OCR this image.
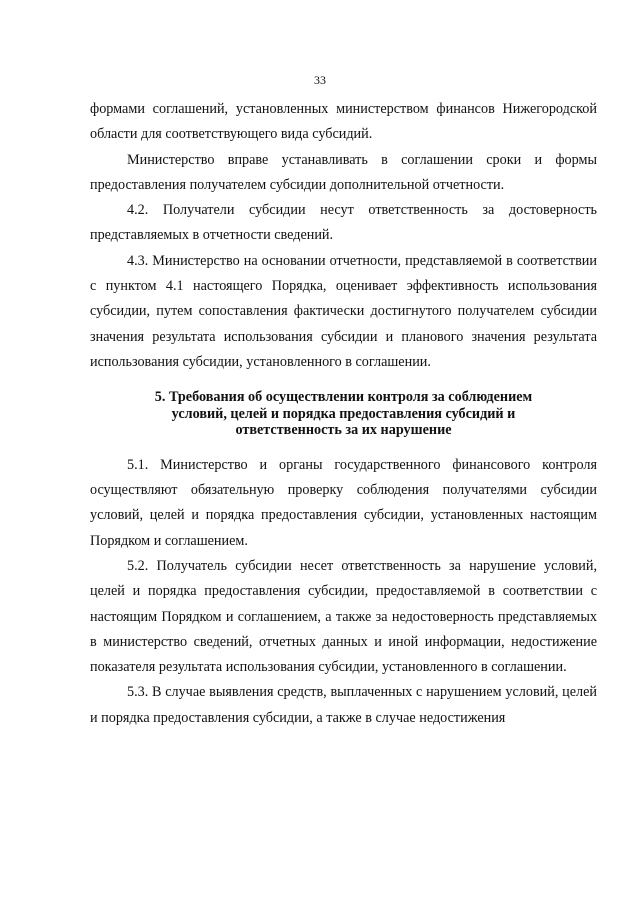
33

формами соглашений, установленных министерством финансов Нижегородской области для соответствующего вида субсидий.

Министерство вправе устанавливать в соглашении сроки и формы предоставления получателем субсидии дополнительной отчетности.

4.2. Получатели субсидии несут ответственность за достоверность представляемых в отчетности сведений.

4.3. Министерство на основании отчетности, представляемой в соответствии с пунктом 4.1 настоящего Порядка, оценивает эффективность использования субсидии, путем сопоставления фактически достигнутого получателем субсидии значения результата использования субсидии и планового значения результата использования субсидии, установленного в соглашении.

5. Требования об осуществлении контроля за соблюдением
условий, целей и порядка предоставления субсидий и
ответственность за их нарушение

5.1. Министерство и органы государственного финансового контроля осуществляют обязательную проверку соблюдения получателями субсидии условий, целей и порядка предоставления субсидии, установленных настоящим Порядком и соглашением.

5.2. Получатель субсидии несет ответственность за нарушение условий, целей и порядка предоставления субсидии, предоставляемой в соответствии с настоящим Порядком и соглашением, а также за недостоверность представляемых в министерство сведений, отчетных данных и иной информации, недостижение показателя результата использования субсидии, установленного в соглашении.

5.3. В случае выявления средств, выплаченных с нарушением условий, целей и порядка предоставления субсидии, а также в случае недостижения
